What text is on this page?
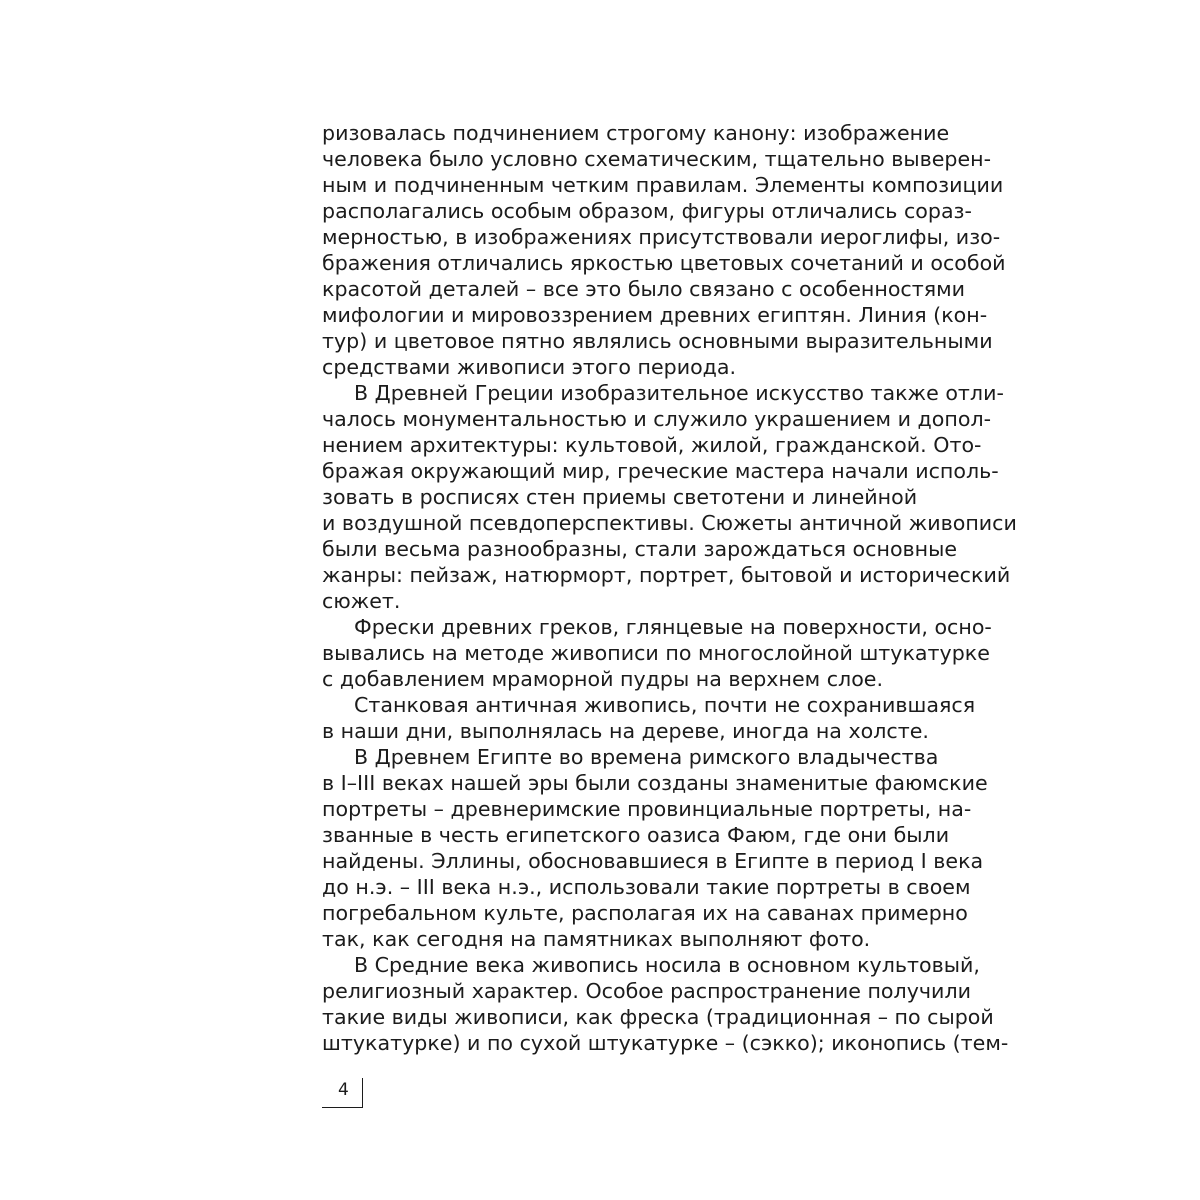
ризовалась подчинением строгому канону: изображение
человека было условно схематическим, тщательно выверен-
ным и подчиненным четким правилам. Элементы композиции
располагались особым образом, фигуры отличались сораз-
мерностью, в изображениях присутствовали иероглифы, изо-
бражения отличались яркостью цветовых сочетаний и особой
красотой деталей – все это было связано с особенностями
мифологии и мировоззрением древних египтян. Линия (кон-
тур) и цветовое пятно являлись основными выразительными
средствами живописи этого периода.
В Древней Греции изобразительное искусство также отли-
чалось монументальностью и служило украшением и допол-
нением архитектуры: культовой, жилой, гражданской. Ото-
бражая окружающий мир, греческие мастера начали исполь-
зовать в росписях стен приемы светотени и линейной
и воздушной псевдоперспективы. Сюжеты античной живописи
были весьма разнообразны, стали зарождаться основные
жанры: пейзаж, натюрморт, портрет, бытовой и исторический
сюжет.
Фрески древних греков, глянцевые на поверхности, осно-
вывались на методе живописи по многослойной штукатурке
с добавлением мраморной пудры на верхнем слое.
Станковая античная живопись, почти не сохранившаяся
в наши дни, выполнялась на дереве, иногда на холсте.
В Древнем Египте во времена римского владычества
в I–III веках нашей эры были созданы знаменитые фаюмские
портреты – древнеримские провинциальные портреты, на-
званные в честь египетского оазиса Фаюм, где они были
найдены. Эллины, обосновавшиеся в Египте в период I века
до н.э. – III века н.э., использовали такие портреты в своем
погребальном культе, располагая их на саванах примерно
так, как сегодня на памятниках выполняют фото.
В Средние века живопись носила в основном культовый,
религиозный характер. Особое распространение получили
такие виды живописи, как фреска (традиционная – по сырой
штукатурке) и по сухой штукатурке – (сэкко); иконопись (тем-
4
